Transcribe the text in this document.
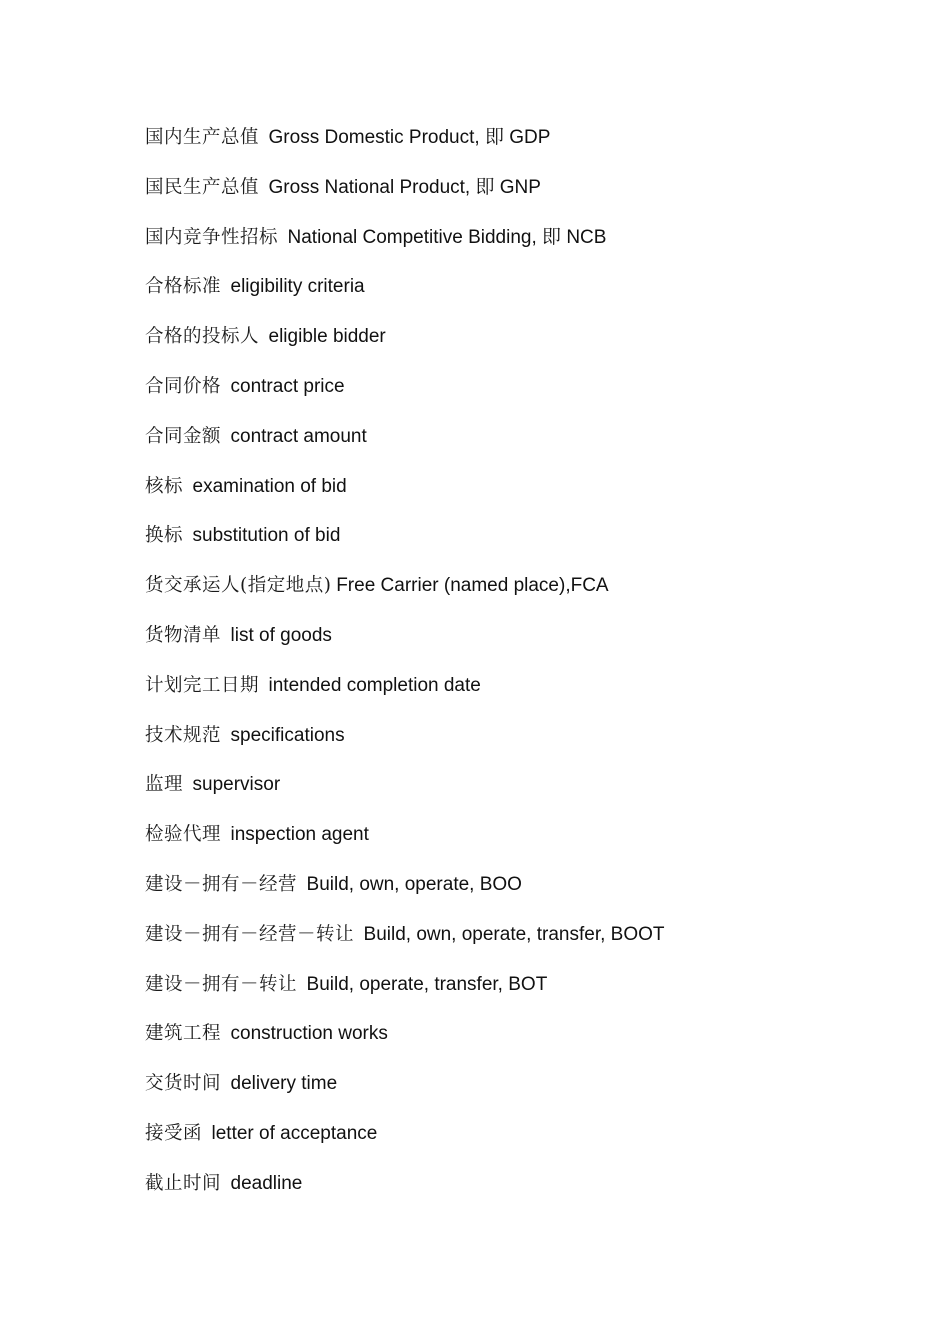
国内生产总值 Gross Domestic Product, 即 GDP
国民生产总值 Gross National Product, 即 GNP
国内竞争性招标 National Competitive Bidding, 即 NCB
合格标准 eligibility criteria
合格的投标人 eligible bidder
合同价格 contract price
合同金额 contract amount
核标 examination of bid
换标 substitution of bid
货交承运人(指定地点) Free Carrier (named place),FCA
货物清单 list of goods
计划完工日期 intended completion date
技术规范 specifications
监理 supervisor
检验代理 inspection agent
建设－拥有－经营 Build, own, operate, BOO
建设－拥有－经营－转让 Build, own, operate, transfer, BOOT
建设－拥有－转让 Build, operate, transfer, BOT
建筑工程 construction works
交货时间 delivery time
接受函 letter of acceptance
截止时间 deadline
